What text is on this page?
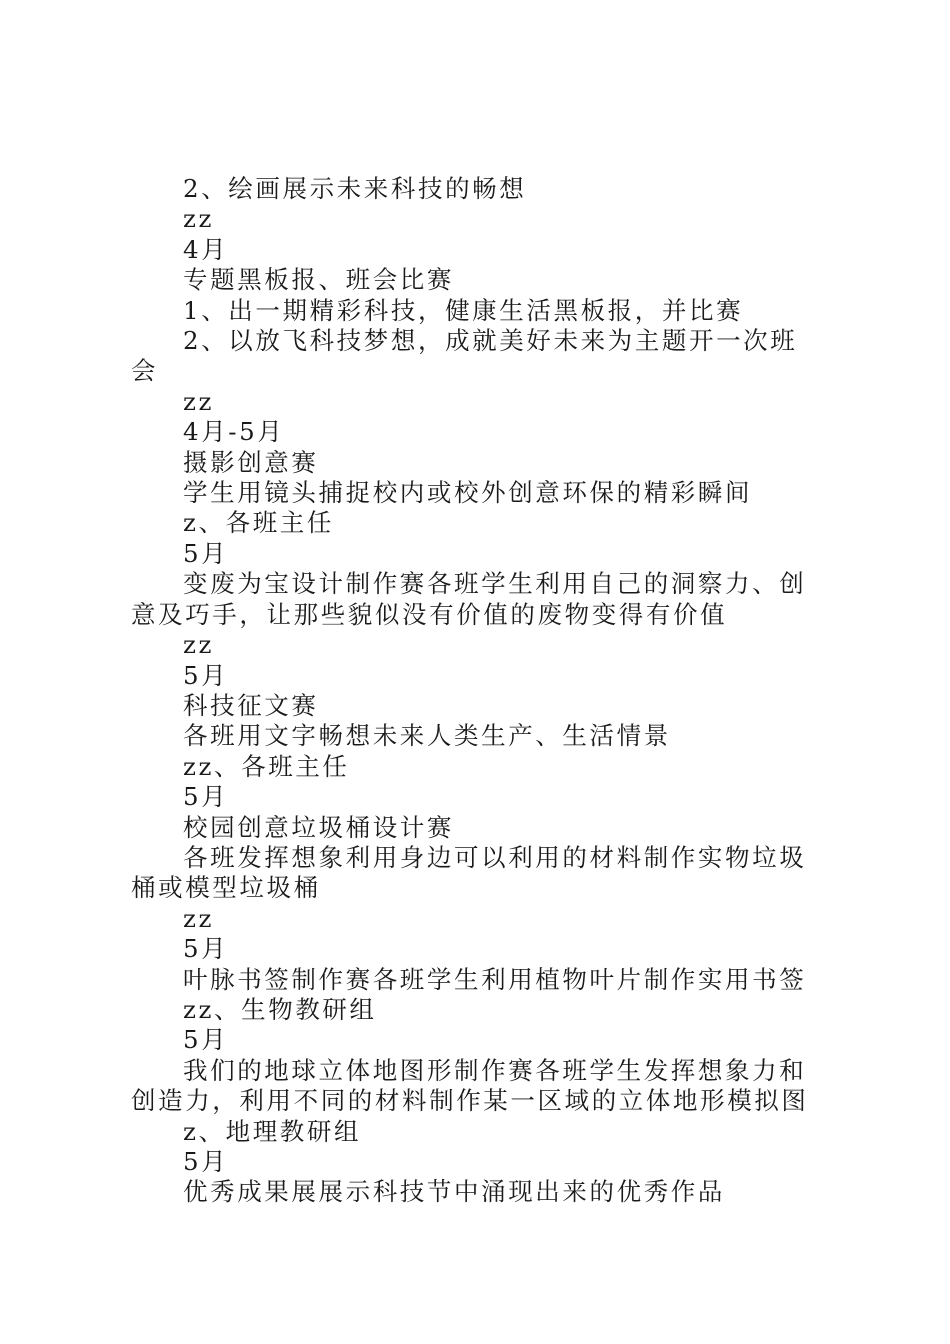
2、绘画展示未来科技的畅想

zz

4月

专题黑板报、班会比赛

1、出一期精彩科技，健康生活黑板报，并比赛

2、以放飞科技梦想，成就美好未来为主题开一次班会

zz

4月-5月

摄影创意赛

学生用镜头捕捉校内或校外创意环保的精彩瞬间

z、各班主任

5月

变废为宝设计制作赛各班学生利用自己的洞察力、创意及巧手，让那些貌似没有价值的废物变得有价值

zz

5月

科技征文赛

各班用文字畅想未来人类生产、生活情景

zz、各班主任

5月

校园创意垃圾桶设计赛

各班发挥想象利用身边可以利用的材料制作实物垃圾桶或模型垃圾桶

zz

5月

叶脉书签制作赛各班学生利用植物叶片制作实用书签

zz、生物教研组

5月

我们的地球立体地图形制作赛各班学生发挥想象力和创造力，利用不同的材料制作某一区域的立体地形模拟图

z、地理教研组

5月

优秀成果展展示科技节中涌现出来的优秀作品
